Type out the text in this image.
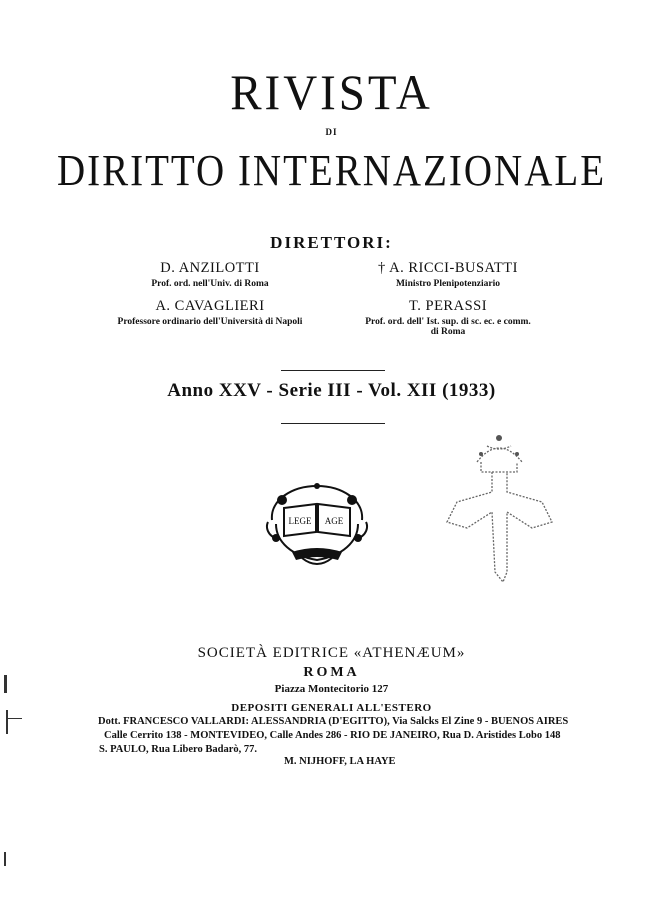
RIVISTA
DI
DIRITTO INTERNAZIONALE
DIRETTORI:
D. ANZILOTTI
Prof. ord. nell'Univ. di Roma
A. CAVAGLIERI
Professore ordinario dell'Università di Napoli
† A. RICCI-BUSATTI
Ministro Plenipotenziario
T. PERASSI
Prof. ord. dell' Ist. sup. di sc. ec. e comm.
di Roma
Anno XXV - Serie III - Vol. XII (1933)
LEGE AGE
SOCIETÀ EDITRICE «ATHENÆUM»
ROMA
Piazza Montecitorio 127
DEPOSITI GENERALI ALL'ESTERO
Dott. FRANCESCO VALLARDI: ALESSANDRIA (D'EGITTO), Via Salcks El Zine 9 - BUENOS AIRES
Calle Cerrito 138 - MONTEVIDEO, Calle Andes 286 - RIO DE JANEIRO, Rua D. Aristides Lobo 148
S. PAULO, Rua Libero Badarò, 77.
M. NIJHOFF, LA HAYE
